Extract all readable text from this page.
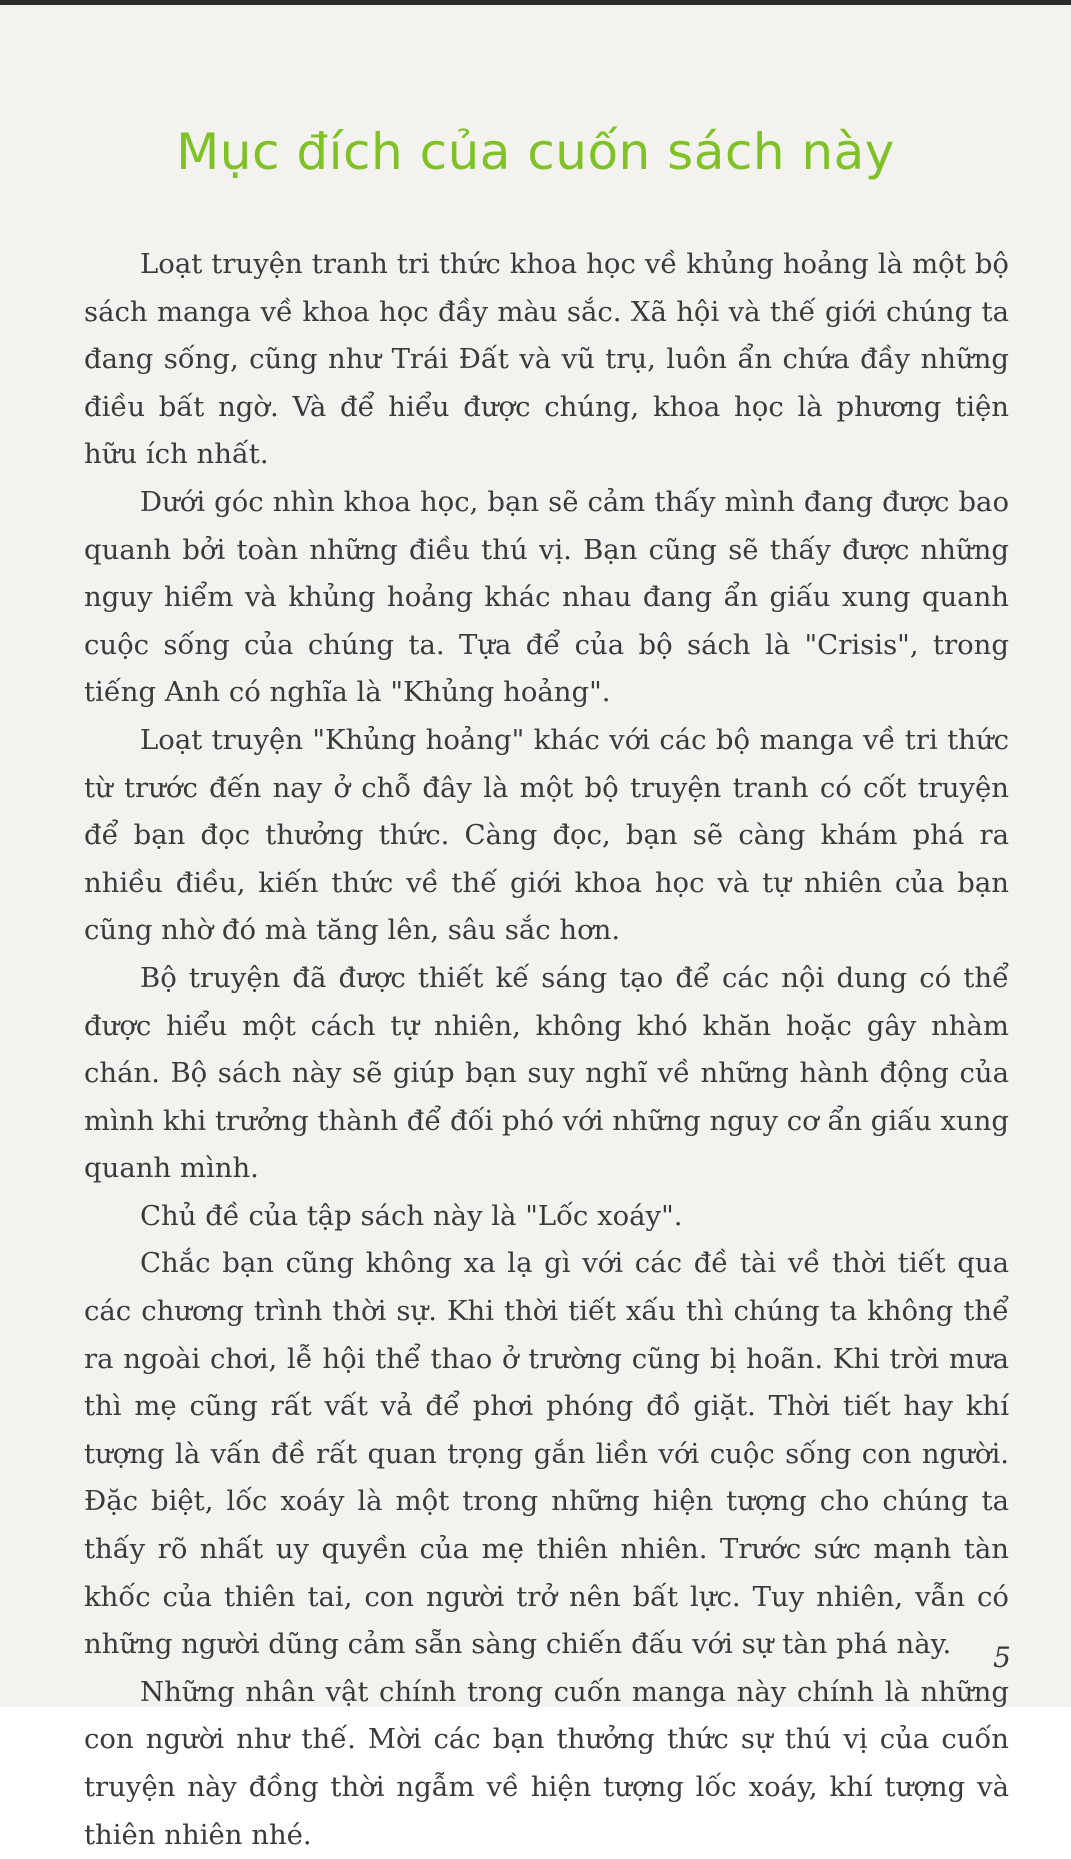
Mục đích của cuốn sách này

Loạt truyện tranh tri thức khoa học về khủng hoảng là một bộ sách manga về khoa học đầy màu sắc. Xã hội và thế giới chúng ta đang sống, cũng như Trái Đất và vũ trụ, luôn ẩn chứa đầy những điều bất ngờ. Và để hiểu được chúng, khoa học là phương tiện hữu ích nhất.

Dưới góc nhìn khoa học, bạn sẽ cảm thấy mình đang được bao quanh bởi toàn những điều thú vị. Bạn cũng sẽ thấy được những nguy hiểm và khủng hoảng khác nhau đang ẩn giấu xung quanh cuộc sống của chúng ta. Tựa để của bộ sách là "Crisis", trong tiếng Anh có nghĩa là "Khủng hoảng".

Loạt truyện "Khủng hoảng" khác với các bộ manga về tri thức từ trước đến nay ở chỗ đây là một bộ truyện tranh có cốt truyện để bạn đọc thưởng thức. Càng đọc, bạn sẽ càng khám phá ra nhiều điều, kiến thức về thế giới khoa học và tự nhiên của bạn cũng nhờ đó mà tăng lên, sâu sắc hơn.

Bộ truyện đã được thiết kế sáng tạo để các nội dung có thể được hiểu một cách tự nhiên, không khó khăn hoặc gây nhàm chán. Bộ sách này sẽ giúp bạn suy nghĩ về những hành động của mình khi trưởng thành để đối phó với những nguy cơ ẩn giấu xung quanh mình.

Chủ đề của tập sách này là "Lốc xoáy".

Chắc bạn cũng không xa lạ gì với các đề tài về thời tiết qua các chương trình thời sự. Khi thời tiết xấu thì chúng ta không thể ra ngoài chơi, lễ hội thể thao ở trường cũng bị hoãn. Khi trời mưa thì mẹ cũng rất vất vả để phơi phóng đồ giặt. Thời tiết hay khí tượng là vấn đề rất quan trọng gắn liền với cuộc sống con người. Đặc biệt, lốc xoáy là một trong những hiện tượng cho chúng ta thấy rõ nhất uy quyền của mẹ thiên nhiên. Trước sức mạnh tàn khốc của thiên tai, con người trở nên bất lực. Tuy nhiên, vẫn có những người dũng cảm sẵn sàng chiến đấu với sự tàn phá này.

Những nhân vật chính trong cuốn manga này chính là những con người như thế. Mời các bạn thưởng thức sự thú vị của cuốn truyện này đồng thời ngẫm về hiện tượng lốc xoáy, khí tượng và thiên nhiên nhé.

5
